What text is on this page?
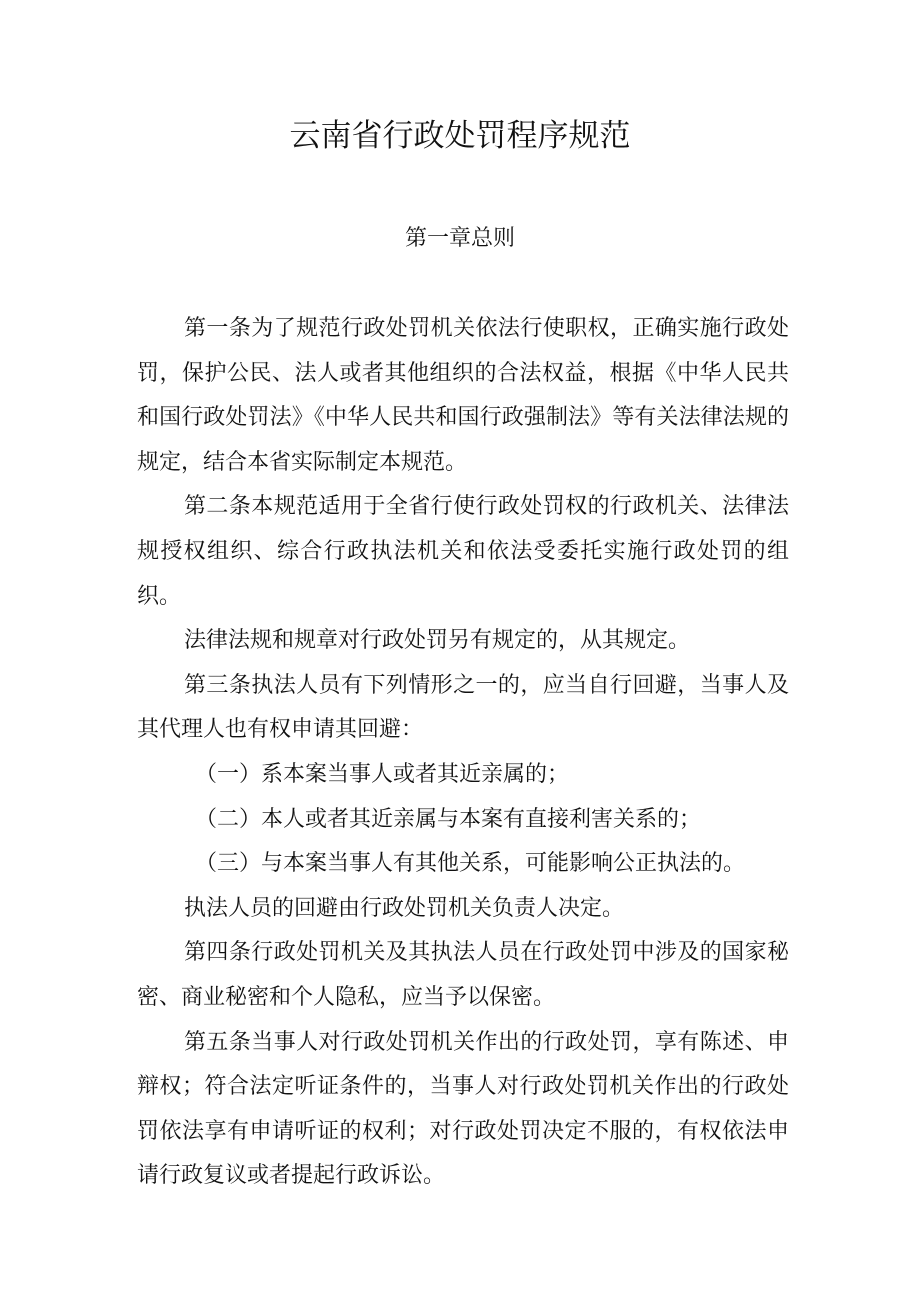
云南省行政处罚程序规范
第一章总则

第一条为了规范行政处罚机关依法行使职权，正确实施行政处罚，保护公民、法人或者其他组织的合法权益，根据《中华人民共和国行政处罚法》《中华人民共和国行政强制法》等有关法律法规的规定，结合本省实际制定本规范。

第二条本规范适用于全省行使行政处罚权的行政机关、法律法规授权组织、综合行政执法机关和依法受委托实施行政处罚的组织。

法律法规和规章对行政处罚另有规定的，从其规定。

第三条执法人员有下列情形之一的，应当自行回避，当事人及其代理人也有权申请其回避：

（一）系本案当事人或者其近亲属的；

（二）本人或者其近亲属与本案有直接利害关系的；

（三）与本案当事人有其他关系，可能影响公正执法的。

执法人员的回避由行政处罚机关负责人决定。

第四条行政处罚机关及其执法人员在行政处罚中涉及的国家秘密、商业秘密和个人隐私，应当予以保密。

第五条当事人对行政处罚机关作出的行政处罚，享有陈述、申辩权；符合法定听证条件的，当事人对行政处罚机关作出的行政处罚依法享有申请听证的权利；对行政处罚决定不服的，有权依法申请行政复议或者提起行政诉讼。
